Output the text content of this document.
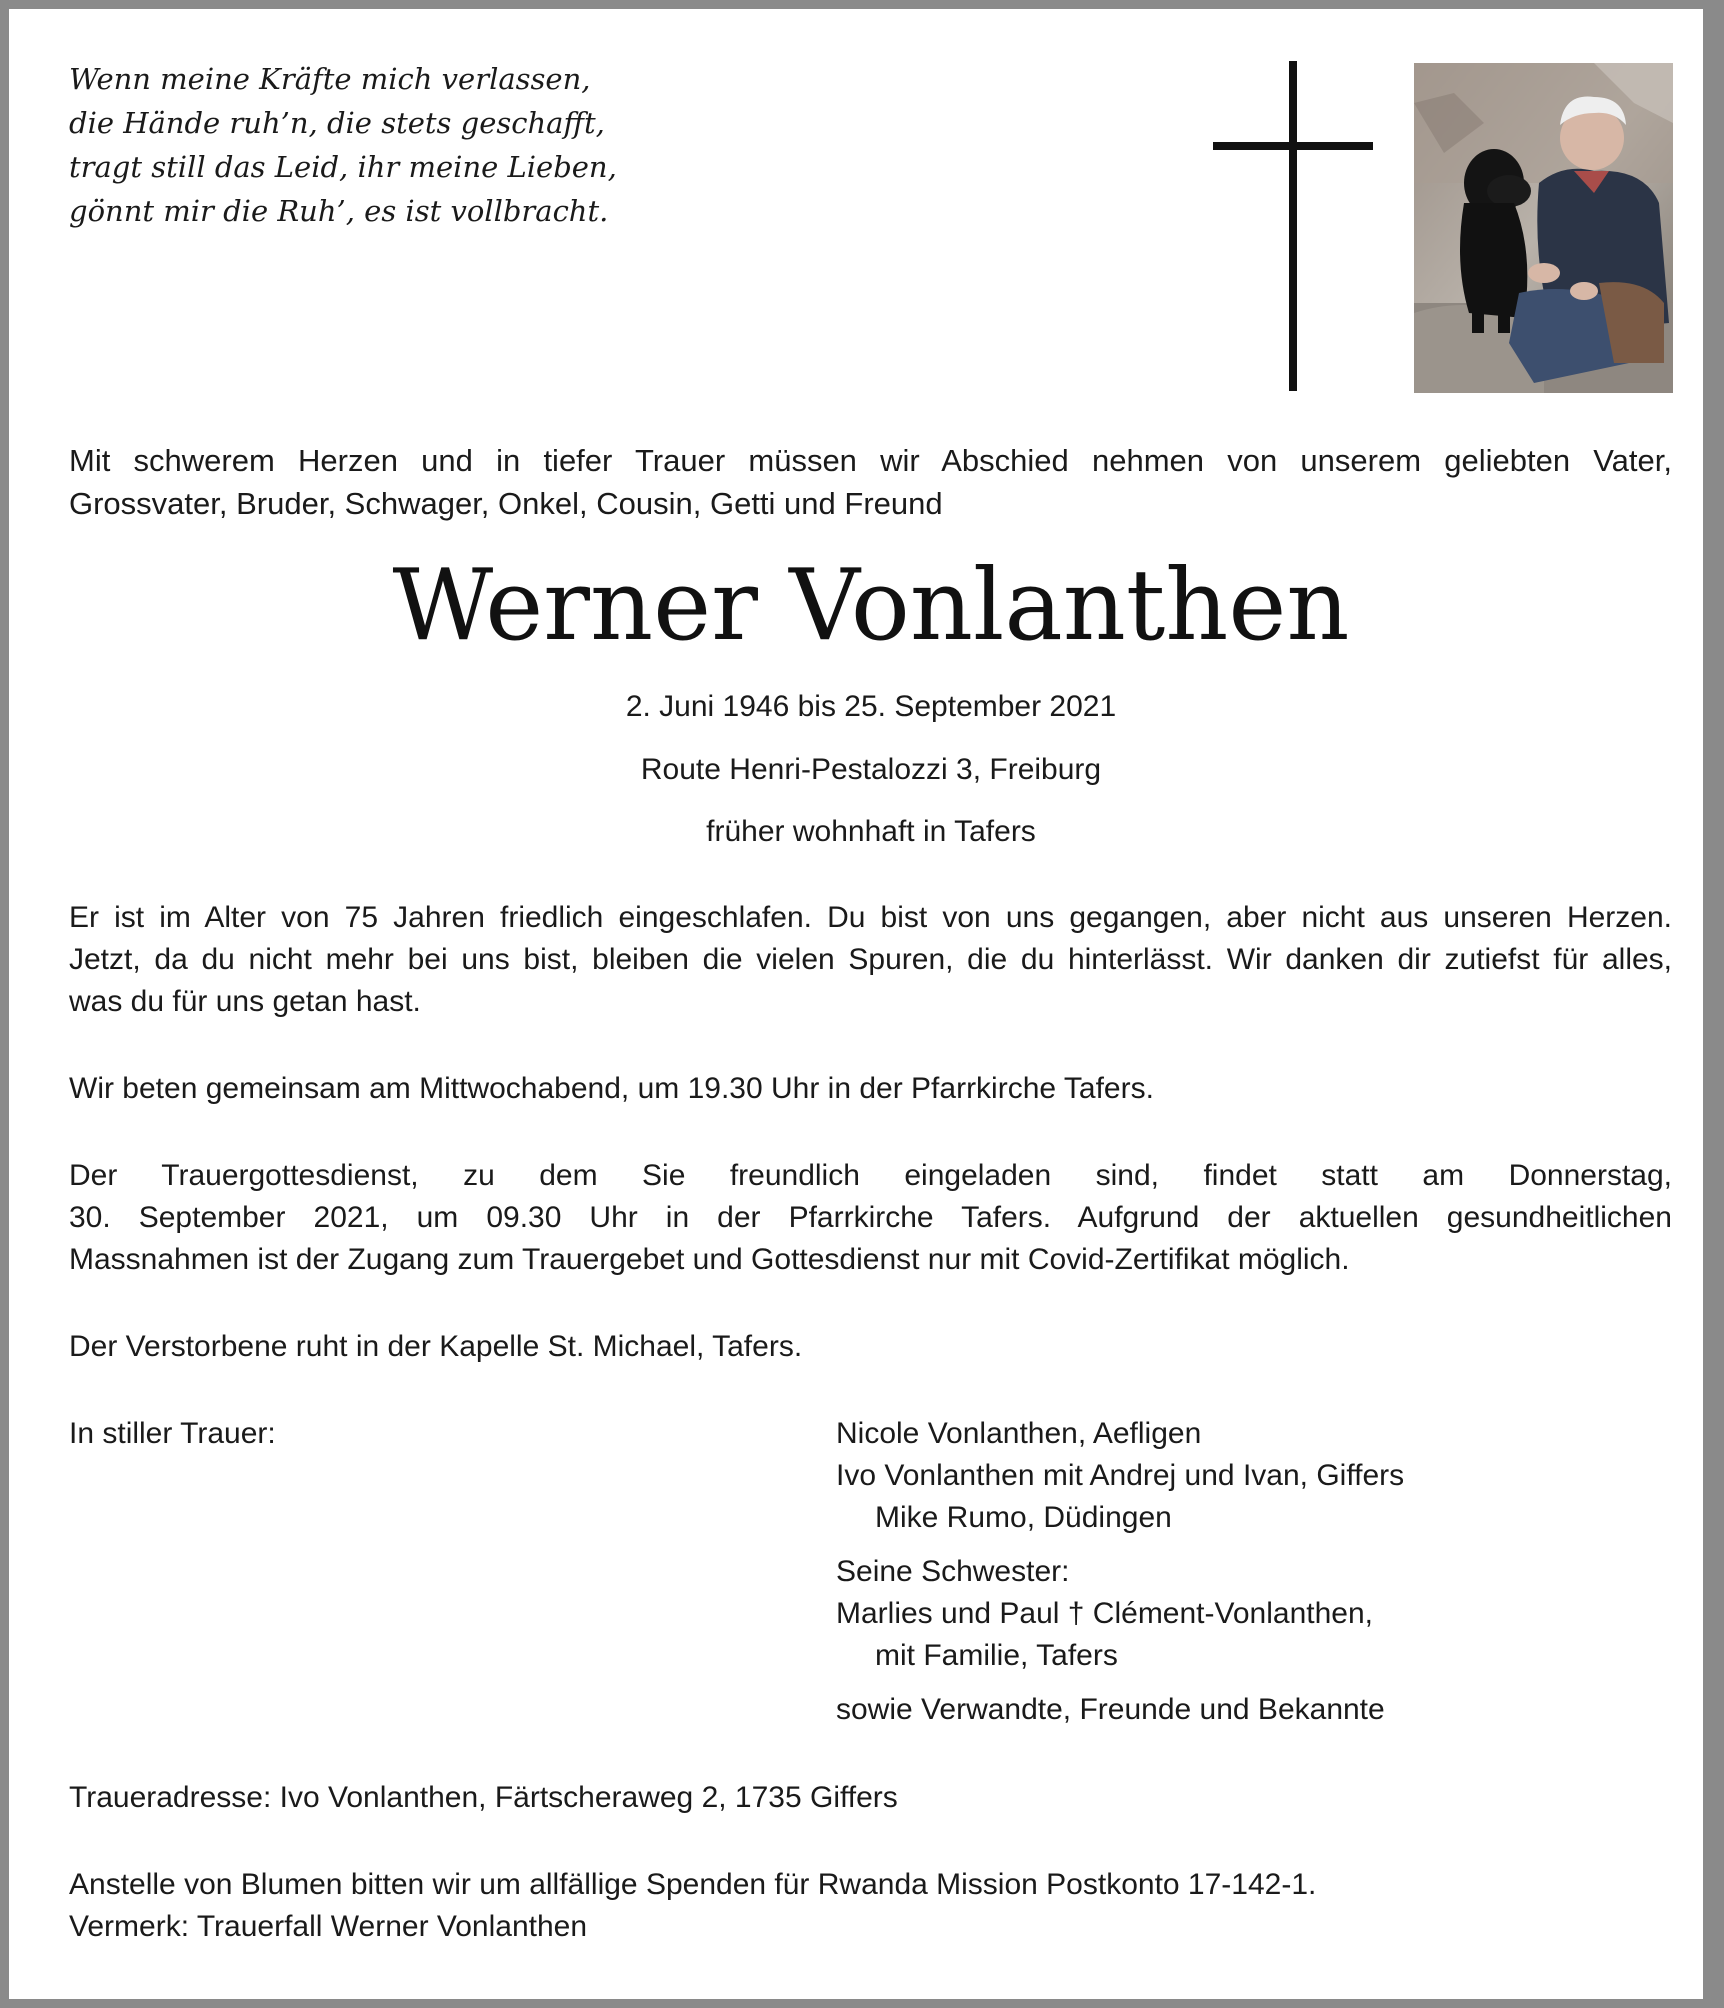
Wenn meine Kräfte mich verlassen,
die Hände ruh’n, die stets geschafft,
tragt still das Leid, ihr meine Lieben,
gönnt mir die Ruh’, es ist vollbracht.
Mit schwerem Herzen und in tiefer Trauer müssen wir Abschied nehmen von unserem geliebten Vater,
Grossvater, Bruder, Schwager, Onkel, Cousin, Getti und Freund
Werner Vonlanthen
2. Juni 1946 bis 25. September 2021
Route Henri-Pestalozzi 3, Freiburg
früher wohnhaft in Tafers
Er ist im Alter von 75 Jahren friedlich eingeschlafen. Du bist von uns gegangen, aber nicht aus unseren Herzen.
Jetzt, da du nicht mehr bei uns bist, bleiben die vielen Spuren, die du hinterlässt. Wir danken dir zutiefst für alles,
was du für uns getan hast.
Wir beten gemeinsam am Mittwochabend, um 19.30 Uhr in der Pfarrkirche Tafers.
Der Trauergottesdienst, zu dem Sie freundlich eingeladen sind, findet statt am Donnerstag,
30. September 2021, um 09.30 Uhr in der Pfarrkirche Tafers. Aufgrund der aktuellen gesundheitlichen
Massnahmen ist der Zugang zum Trauergebet und Gottesdienst nur mit Covid-Zertifikat möglich.
Der Verstorbene ruht in der Kapelle St. Michael, Tafers.
In stiller Trauer:	Nicole Vonlanthen, Aefligen
Ivo Vonlanthen mit Andrej und Ivan, Giffers
Mike Rumo, Düdingen
Seine Schwester:
Marlies und Paul † Clément-Vonlanthen,
mit Familie, Tafers
sowie Verwandte, Freunde und Bekannte
Traueradresse: Ivo Vonlanthen, Färtscheraweg 2, 1735 Giffers
Anstelle von Blumen bitten wir um allfällige Spenden für Rwanda Mission Postkonto 17-142-1.
Vermerk: Trauerfall Werner Vonlanthen
